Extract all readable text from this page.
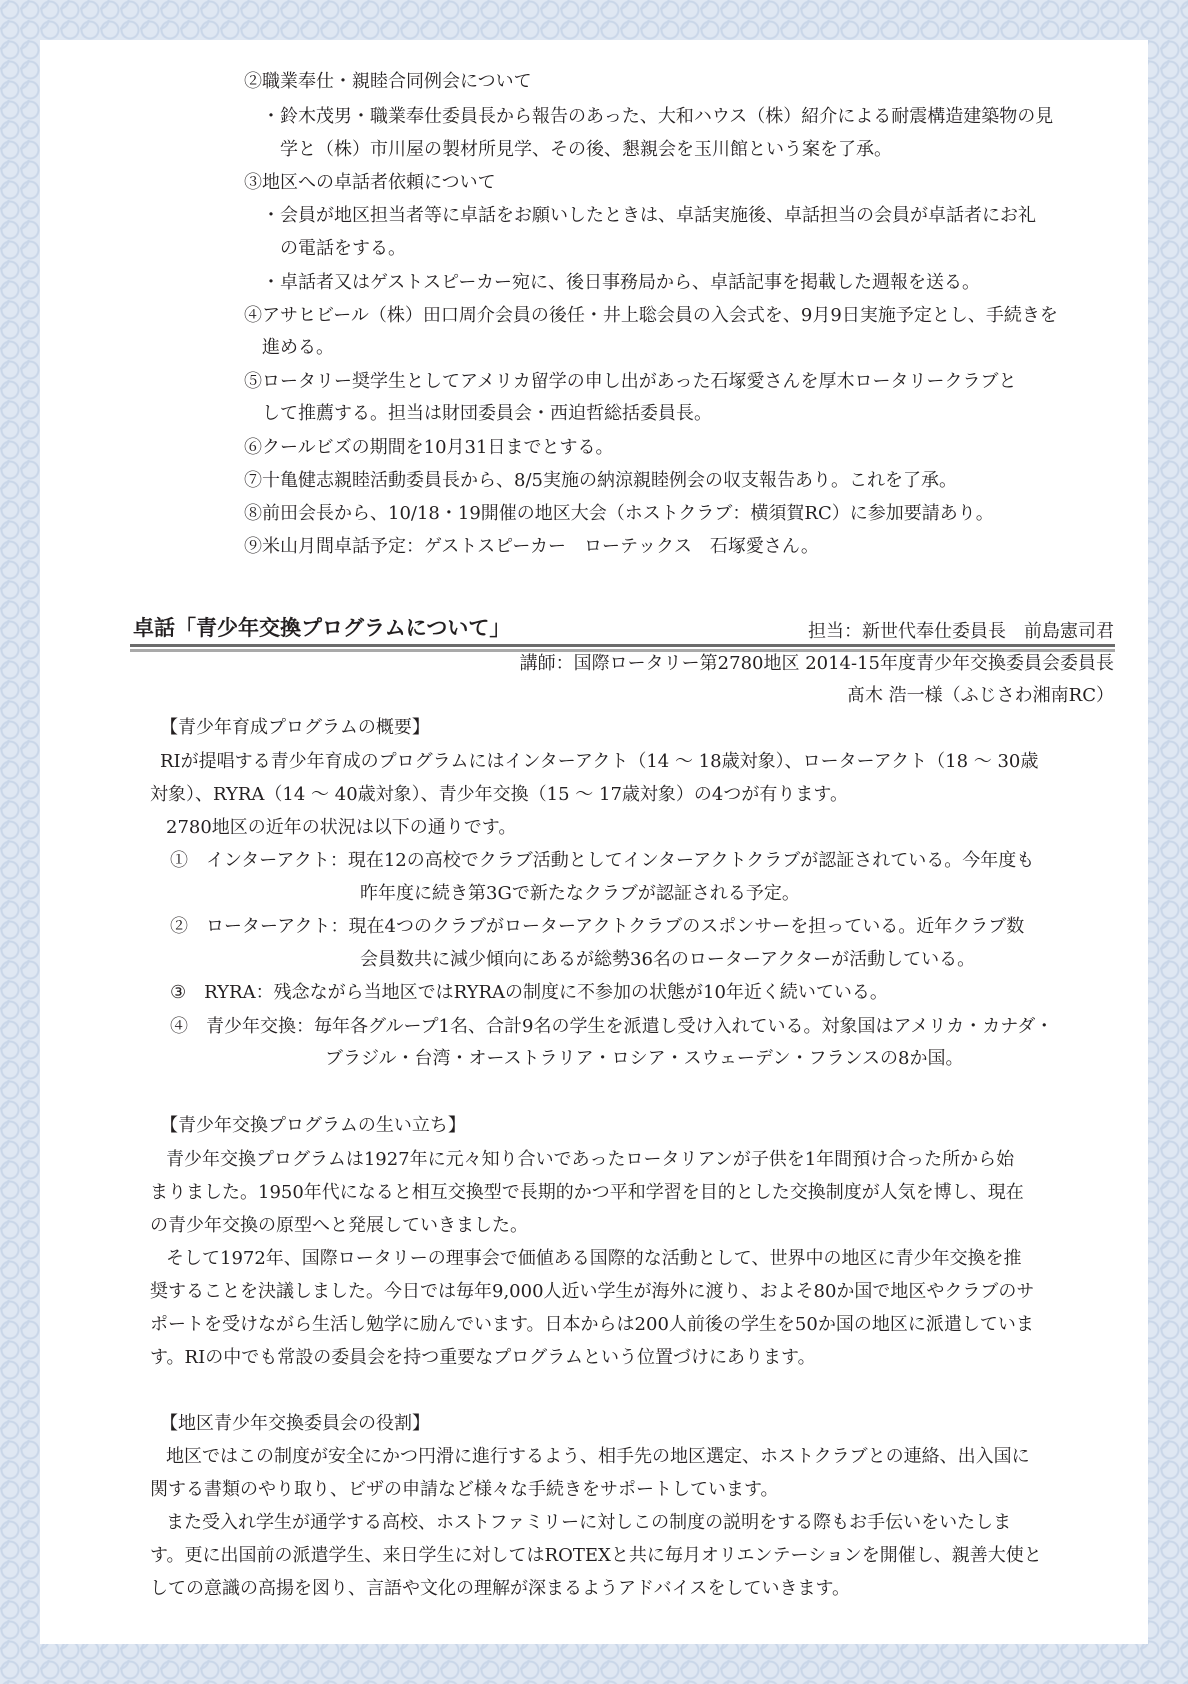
②職業奉仕・親睦合同例会について
・鈴木茂男・職業奉仕委員長から報告のあった、大和ハウス（株）紹介による耐震構造建築物の見
学と（株）市川屋の製材所見学、その後、懇親会を玉川館という案を了承。
③地区への卓話者依頼について
・会員が地区担当者等に卓話をお願いしたときは、卓話実施後、卓話担当の会員が卓話者にお礼
の電話をする。
・卓話者又はゲストスピーカー宛に、後日事務局から、卓話記事を掲載した週報を送る。
④アサヒビール（株）田口周介会員の後任・井上聡会員の入会式を、9月9日実施予定とし、手続きを
進める。
⑤ロータリー奨学生としてアメリカ留学の申し出があった石塚愛さんを厚木ロータリークラブと
して推薦する。担当は財団委員会・西迫哲総括委員長。
⑥クールビズの期間を10月31日までとする。
⑦十亀健志親睦活動委員長から、8/5実施の納涼親睦例会の収支報告あり。これを了承。
⑧前田会長から、10/18・19開催の地区大会（ホストクラブ：横須賀RC）に参加要請あり。
⑨米山月間卓話予定：ゲストスピーカー　ローテックス　石塚愛さん。
卓話「青少年交換プログラムについて」	担当：新世代奉仕委員長　前島憲司君
講師：国際ロータリー第2780地区 2014-15年度青少年交換委員会委員長
髙木 浩一様（ふじさわ湘南RC）
【青少年育成プログラムの概要】
RIが提唱する青少年育成のプログラムにはインターアクト（14 ～ 18歳対象）、ローターアクト（18 ～ 30歳
対象）、RYRA（14 ～ 40歳対象）、青少年交換（15 ～ 17歳対象）の4つが有ります。
2780地区の近年の状況は以下の通りです。
①　インターアクト：現在12の高校でクラブ活動としてインターアクトクラブが認証されている。今年度も
昨年度に続き第3Gで新たなクラブが認証される予定。
②　ローターアクト：現在4つのクラブがローターアクトクラブのスポンサーを担っている。近年クラブ数
会員数共に減少傾向にあるが総勢36名のローターアクターが活動している。
③　RYRA：残念ながら当地区ではRYRAの制度に不参加の状態が10年近く続いている。
④　青少年交換：毎年各グループ1名、合計9名の学生を派遣し受け入れている。対象国はアメリカ・カナダ・
ブラジル・台湾・オーストラリア・ロシア・スウェーデン・フランスの8か国。
【青少年交換プログラムの生い立ち】
青少年交換プログラムは1927年に元々知り合いであったロータリアンが子供を1年間預け合った所から始
まりました。1950年代になると相互交換型で長期的かつ平和学習を目的とした交換制度が人気を博し、現在
の青少年交換の原型へと発展していきました。
そして1972年、国際ロータリーの理事会で価値ある国際的な活動として、世界中の地区に青少年交換を推
奨することを決議しました。今日では毎年9,000人近い学生が海外に渡り、およそ80か国で地区やクラブのサ
ポートを受けながら生活し勉学に励んでいます。日本からは200人前後の学生を50か国の地区に派遣していま
す。RIの中でも常設の委員会を持つ重要なプログラムという位置づけにあります。
【地区青少年交換委員会の役割】
地区ではこの制度が安全にかつ円滑に進行するよう、相手先の地区選定、ホストクラブとの連絡、出入国に
関する書類のやり取り、ビザの申請など様々な手続きをサポートしています。
また受入れ学生が通学する高校、ホストファミリーに対しこの制度の説明をする際もお手伝いをいたしま
す。更に出国前の派遣学生、来日学生に対してはROTEXと共に毎月オリエンテーションを開催し、親善大使と
しての意識の高揚を図り、言語や文化の理解が深まるようアドバイスをしていきます。
